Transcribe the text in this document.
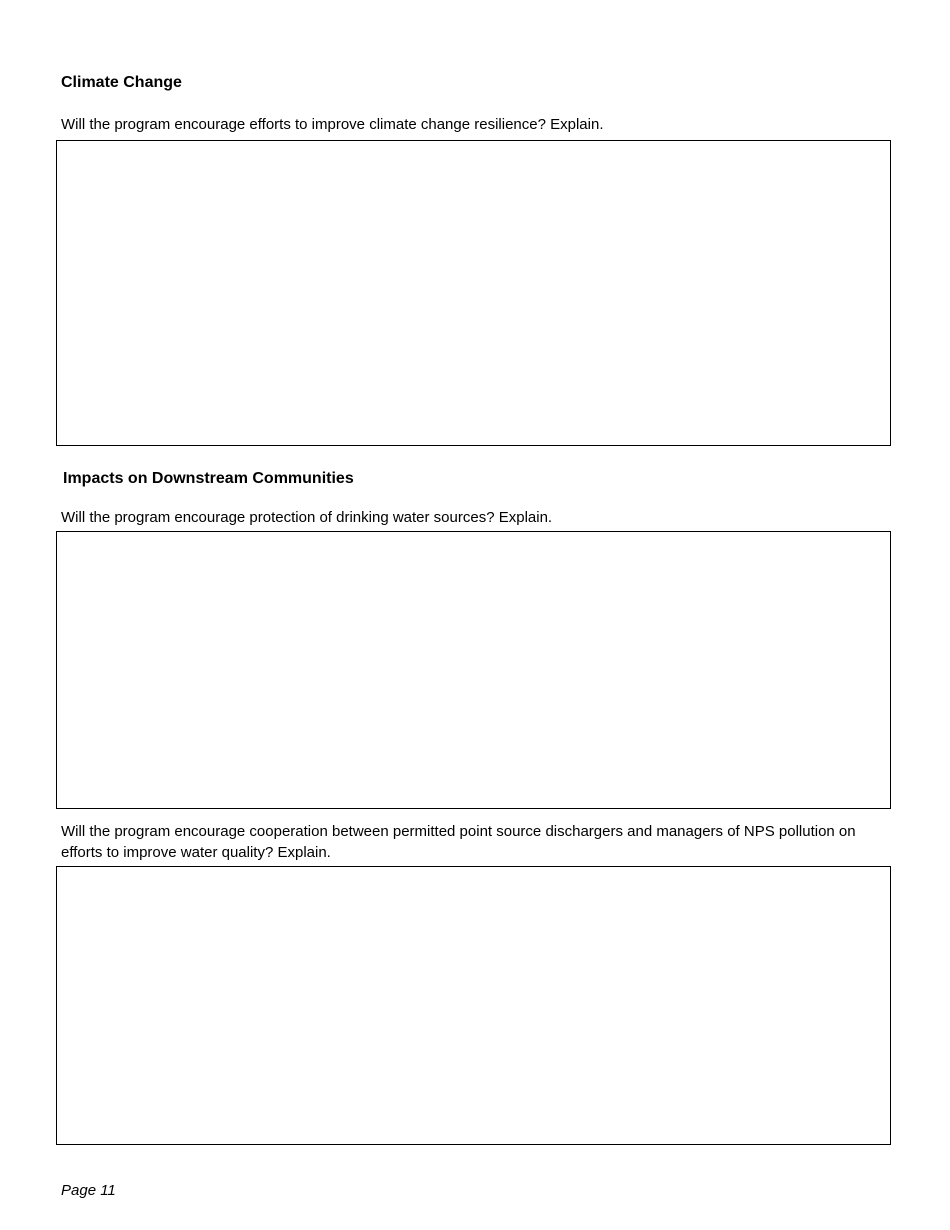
Climate Change

Will the program encourage efforts to improve climate change resilience? Explain.

Impacts on Downstream Communities

Will the program encourage protection of drinking water sources? Explain.

Will the program encourage cooperation between permitted point source dischargers and managers of NPS pollution on efforts to improve water quality? Explain.

Page 11
